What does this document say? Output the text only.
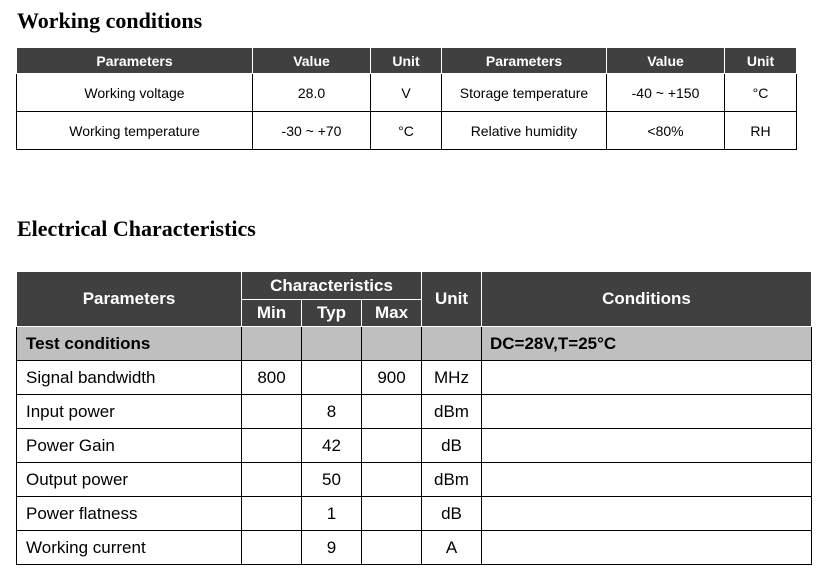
Working conditions
Parameters	Value	Unit	Parameters	Value	Unit
Working voltage	28.0	V	Storage temperature	-40 ~ +150	°C
Working temperature	-30 ~ +70	°C	Relative humidity	<80%	RH
Electrical Characteristics
Parameters	Characteristics			Unit	Conditions
	Min	Typ	Max		
Test conditions					DC=28V,T=25°C
Signal bandwidth	800		900	MHz	
Input power		8		dBm	
Power Gain		42		dB	
Output power		50		dBm	
Power flatness		1		dB	
Working current		9		A	
